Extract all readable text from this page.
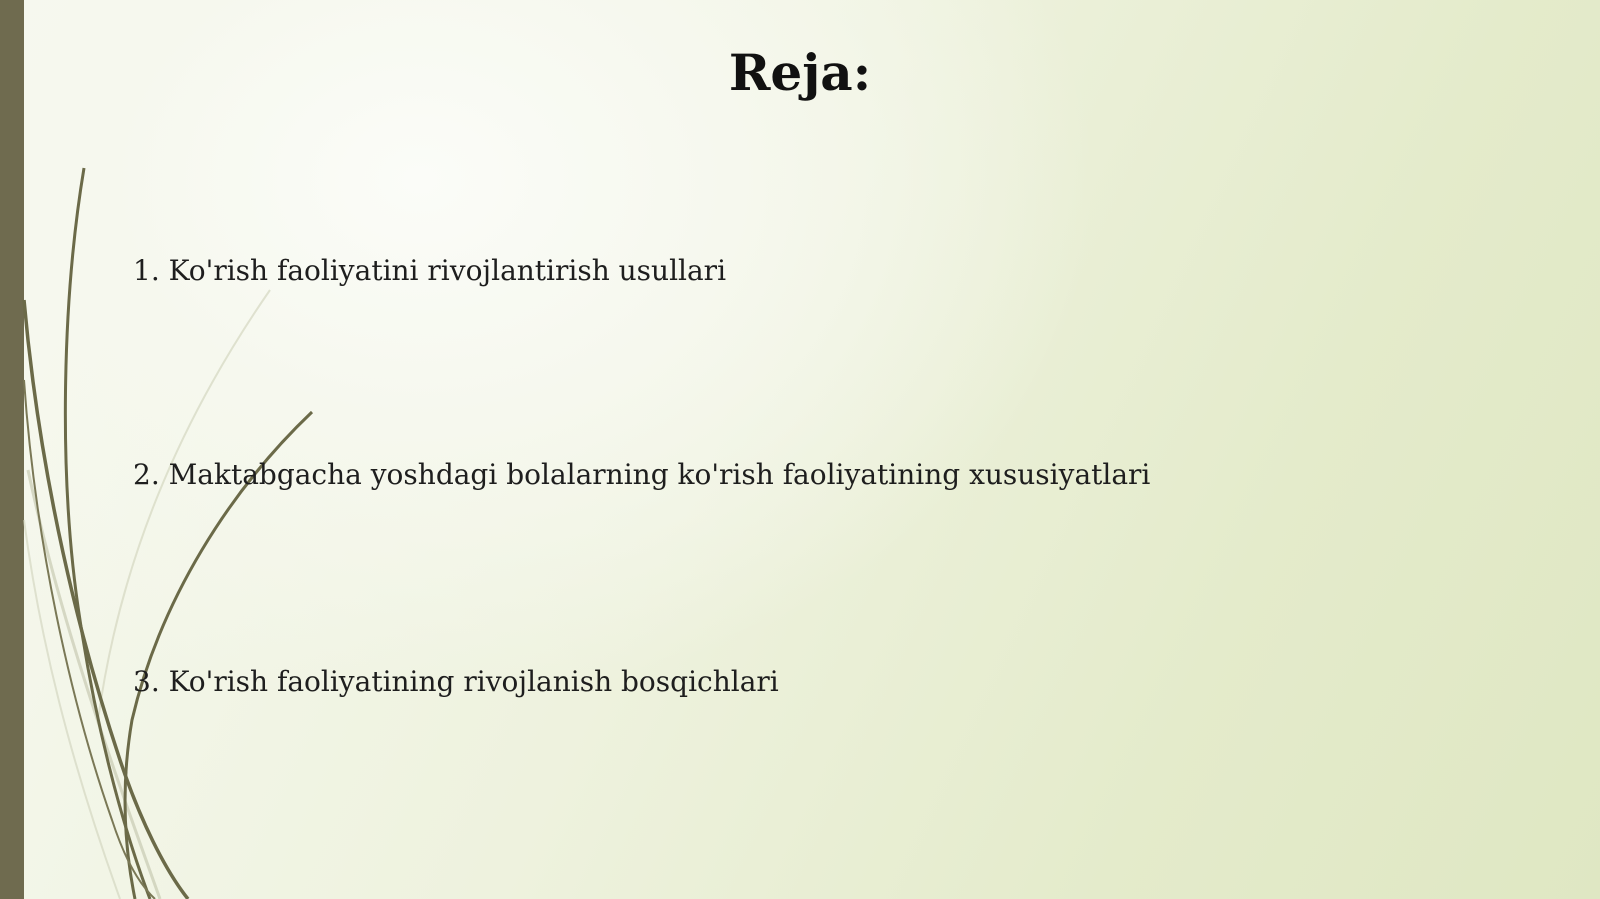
Reja:
1. Ko'rish faoliyatini rivojlantirish usullari
2. Maktabgacha yoshdagi bolalarning ko'rish faoliyatining xususiyatlari
3. Ko'rish faoliyatining rivojlanish bosqichlari
